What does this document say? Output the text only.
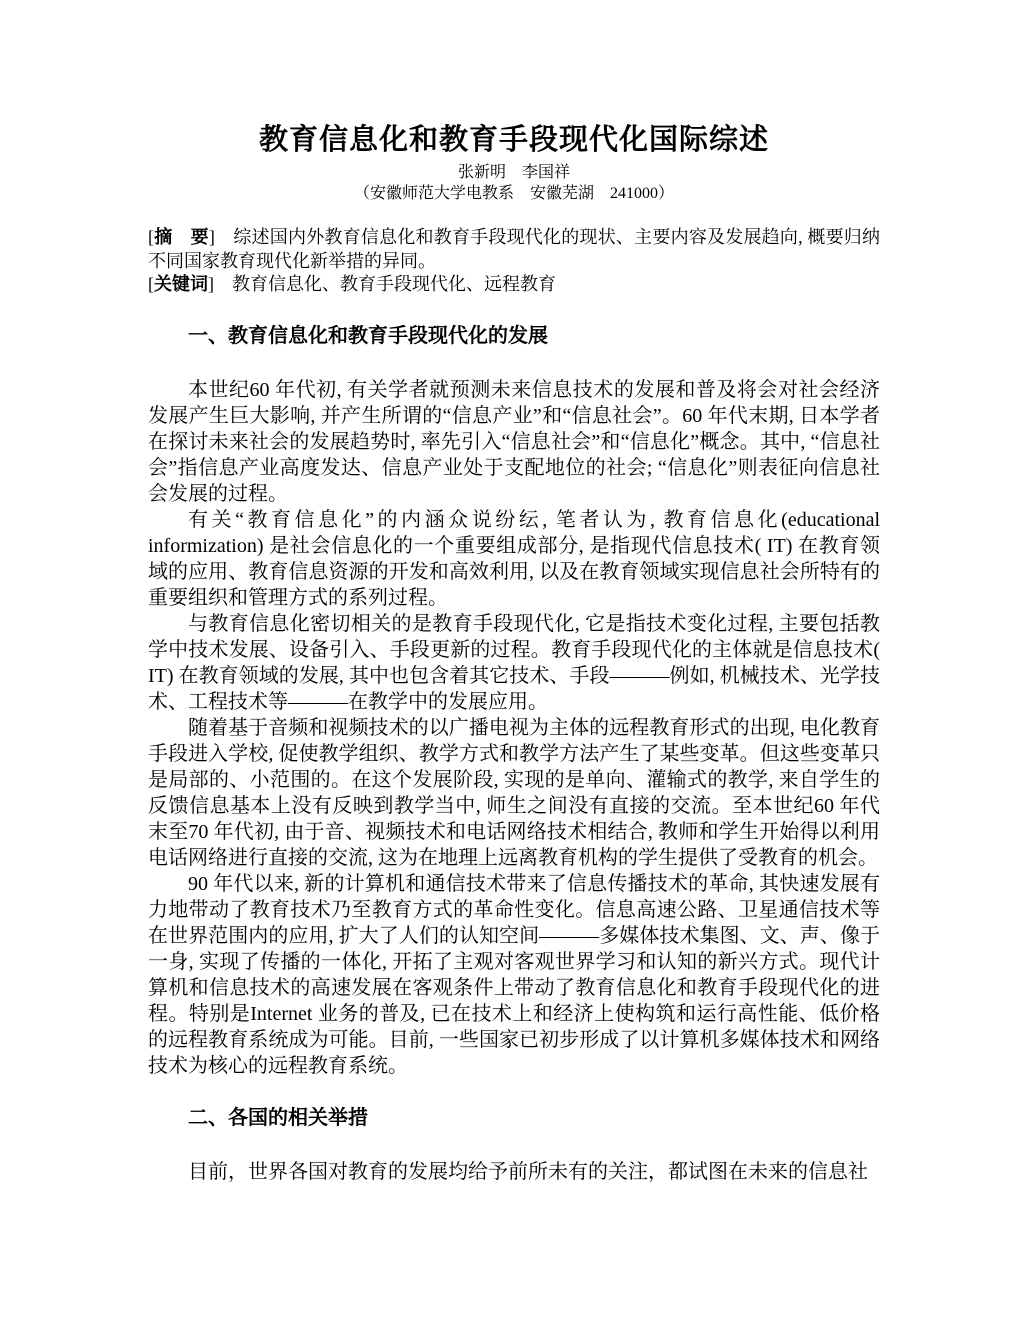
教育信息化和教育手段现代化国际综述
张新明　李国祥
（安徽师范大学电教系　安徽芜湖　241000）

[摘　要]　综述国内外教育信息化和教育手段现代化的现状、主要内容及发展趋向, 概要归纳不同国家教育现代化新举措的异同。

[关键词]　教育信息化、教育手段现代化、远程教育

一、教育信息化和教育手段现代化的发展

本世纪60 年代初, 有关学者就预测未来信息技术的发展和普及将会对社会经济发展产生巨大影响, 并产生所谓的“信息产业”和“信息社会”。60 年代末期, 日本学者在探讨未来社会的发展趋势时, 率先引入“信息社会”和“信息化”概念。其中, “信息社会”指信息产业高度发达、信息产业处于支配地位的社会; “信息化”则表征向信息社会发展的过程。

有关“教育信息化”的内涵众说纷纭, 笔者认为, 教育信息化(educational informization) 是社会信息化的一个重要组成部分, 是指现代信息技术( IT) 在教育领域的应用、教育信息资源的开发和高效利用, 以及在教育领域实现信息社会所特有的重要组织和管理方式的系列过程。

与教育信息化密切相关的是教育手段现代化, 它是指技术变化过程, 主要包括教学中技术发展、设备引入、手段更新的过程。教育手段现代化的主体就是信息技术( IT) 在教育领域的发展, 其中也包含着其它技术、手段———例如, 机械技术、光学技术、工程技术等———在教学中的发展应用。

随着基于音频和视频技术的以广播电视为主体的远程教育形式的出现, 电化教育手段进入学校, 促使教学组织、教学方式和教学方法产生了某些变革。但这些变革只是局部的、小范围的。在这个发展阶段, 实现的是单向、灌输式的教学, 来自学生的反馈信息基本上没有反映到教学当中, 师生之间没有直接的交流。至本世纪60 年代末至70 年代初, 由于音、视频技术和电话网络技术相结合, 教师和学生开始得以利用电话网络进行直接的交流, 这为在地理上远离教育机构的学生提供了受教育的机会。

90 年代以来, 新的计算机和通信技术带来了信息传播技术的革命, 其快速发展有力地带动了教育技术乃至教育方式的革命性变化。信息高速公路、卫星通信技术等在世界范围内的应用, 扩大了人们的认知空间———多媒体技术集图、文、声、像于一身, 实现了传播的一体化, 开拓了主观对客观世界学习和认知的新兴方式。现代计算机和信息技术的高速发展在客观条件上带动了教育信息化和教育手段现代化的进程。特别是Internet 业务的普及, 已在技术上和经济上使构筑和运行高性能、低价格的远程教育系统成为可能。目前, 一些国家已初步形成了以计算机多媒体技术和网络技术为核心的远程教育系统。

二、各国的相关举措

目前，世界各国对教育的发展均给予前所未有的关注，都试图在未来的信息社
